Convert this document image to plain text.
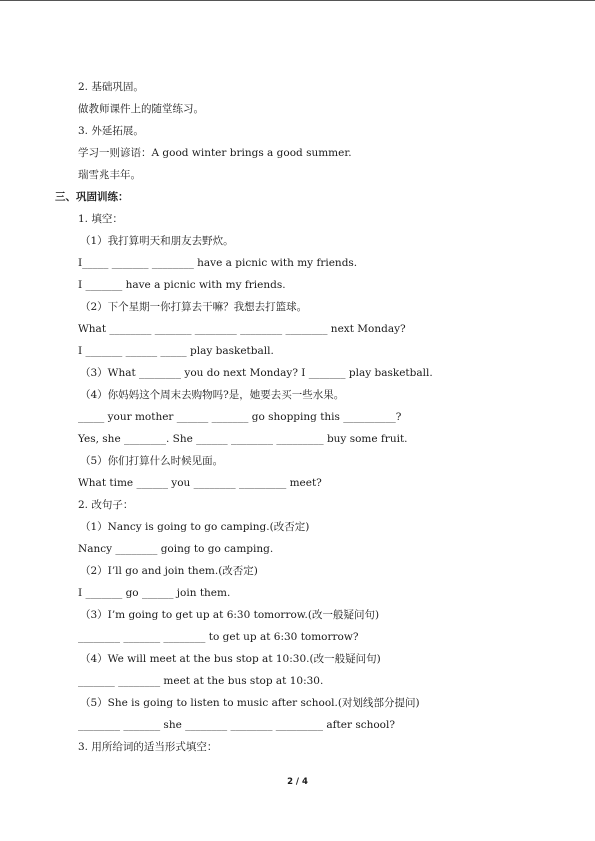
2. 基础巩固。
做教师课件上的随堂练习。
3. 外延拓展。
学习一则谚语：A good winter brings a good summer.
瑞雪兆丰年。
三、巩固训练：
1. 填空：
（1）我打算明天和朋友去野炊。
I_____ _______ ________ have a picnic with my friends.
I _______ have a picnic with my friends.
（2）下个星期一你打算去干嘛？我想去打篮球。
What ________ _______ ________ ________ ________ next Monday?
I _______ ______ _____ play basketball.
（3）What ________ you do next Monday? I _______ play basketball.
（4）你妈妈这个周末去购物吗?是，她要去买一些水果。
_____ your mother ______ _______ go shopping this __________?
Yes, she ________. She ______ ________ _________ buy some fruit.
（5）你们打算什么时候见面。
What time ______ you ________ _________ meet?
2. 改句子：
（1）Nancy is going to go camping.(改否定)
Nancy ________ going to go camping.
（2）I’ll go and join them.(改否定)
I _______ go ______ join them.
（3）I’m going to get up at 6:30 tomorrow.(改一般疑问句)
________ _______ ________ to get up at 6:30 tomorrow?
（4）We will meet at the bus stop at 10:30.(改一般疑问句)
_______ ________ meet at the bus stop at 10:30.
（5）She is going to listen to music after school.(对划线部分提问)
________ _______ she ________ ________ _________ after school?
3. 用所给词的适当形式填空：
2 / 4
